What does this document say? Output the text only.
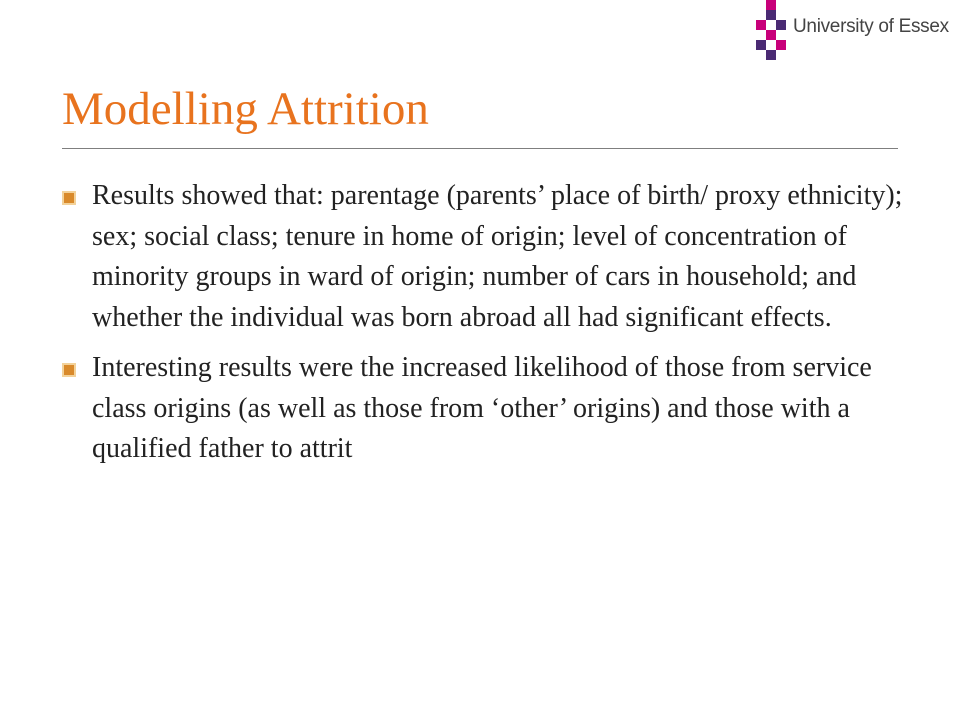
University of Essex
Modelling Attrition
Results showed that: parentage (parents’ place of birth/ proxy ethnicity); sex; social class; tenure in home of origin; level of concentration of minority groups in ward of origin; number of cars in household; and whether the individual was born abroad all had significant effects.
Interesting results were the increased likelihood of those from service class origins (as well as those from ‘other’ origins) and those with a qualified father to attrit
